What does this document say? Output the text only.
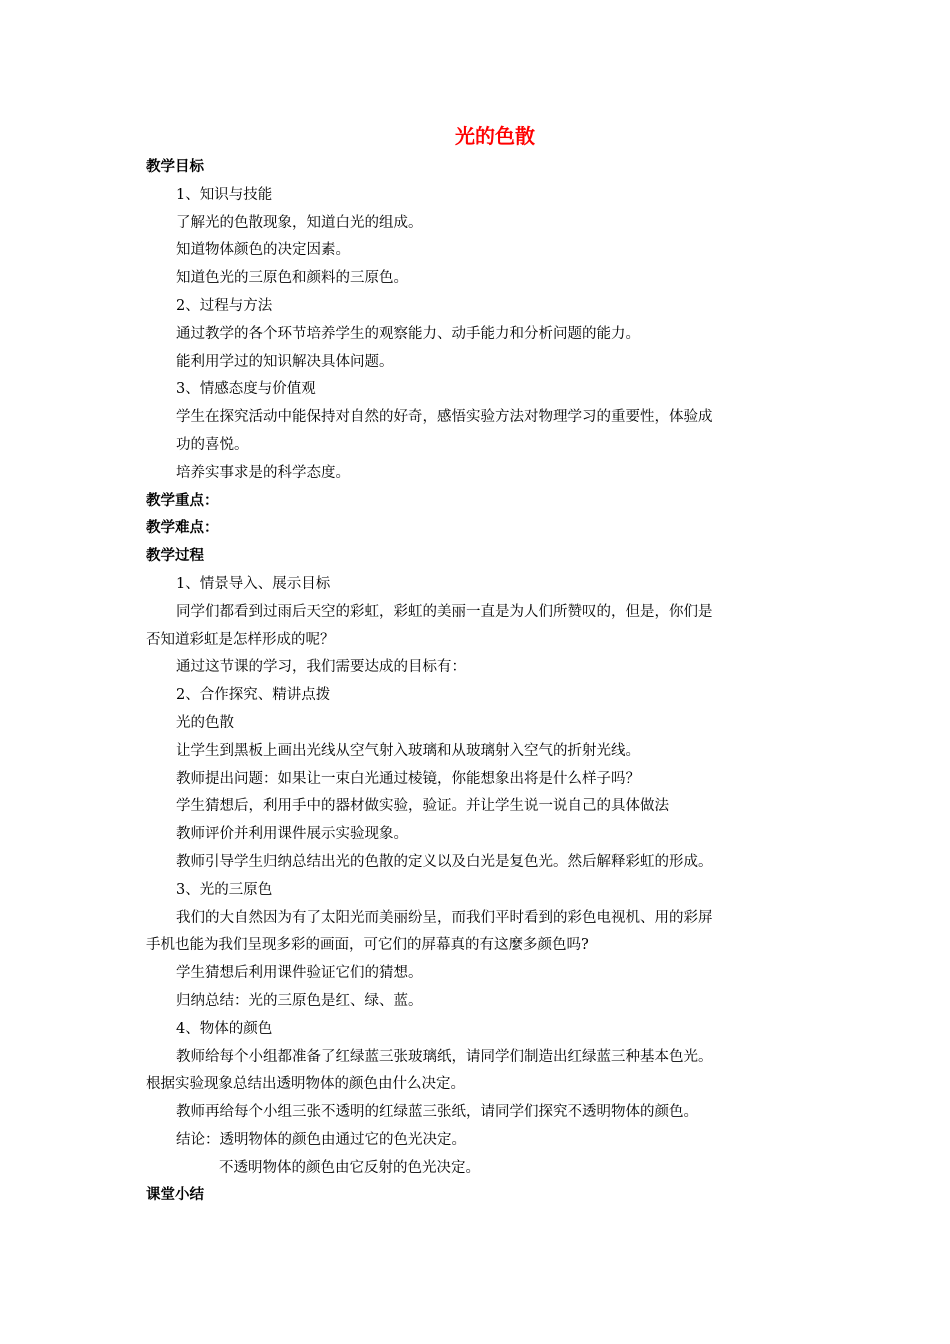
光的色散

教学目标

1、知识与技能

了解光的色散现象，知道白光的组成。

知道物体颜色的决定因素。

知道色光的三原色和颜料的三原色。

2、过程与方法

通过教学的各个环节培养学生的观察能力、动手能力和分析问题的能力。

能利用学过的知识解决具体问题。

3、情感态度与价值观

学生在探究活动中能保持对自然的好奇，感悟实验方法对物理学习的重要性，体验成

功的喜悦。

培养实事求是的科学态度。

教学重点：

教学难点：

教学过程

1、情景导入、展示目标

同学们都看到过雨后天空的彩虹，彩虹的美丽一直是为人们所赞叹的，但是，你们是

否知道彩虹是怎样形成的呢？

通过这节课的学习，我们需要达成的目标有：

2、合作探究、精讲点拨

光的色散

让学生到黑板上画出光线从空气射入玻璃和从玻璃射入空气的折射光线。

教师提出问题：如果让一束白光通过棱镜，你能想象出将是什么样子吗？

学生猜想后，利用手中的器材做实验，验证。并让学生说一说自己的具体做法

教师评价并利用课件展示实验现象。

教师引导学生归纳总结出光的色散的定义以及白光是复色光。然后解释彩虹的形成。

3、光的三原色

我们的大自然因为有了太阳光而美丽纷呈，而我们平时看到的彩色电视机、用的彩屏

手机也能为我们呈现多彩的画面，可它们的屏幕真的有这麼多颜色吗?

学生猜想后利用课件验证它们的猜想。

归纳总结：光的三原色是红、绿、蓝。

4、物体的颜色

教师给每个小组都准备了红绿蓝三张玻璃纸，请同学们制造出红绿蓝三种基本色光。

根据实验现象总结出透明物体的颜色由什么决定。

教师再给每个小组三张不透明的红绿蓝三张纸，请同学们探究不透明物体的颜色。

结论：透明物体的颜色由通过它的色光决定。

不透明物体的颜色由它反射的色光决定。

课堂小结
